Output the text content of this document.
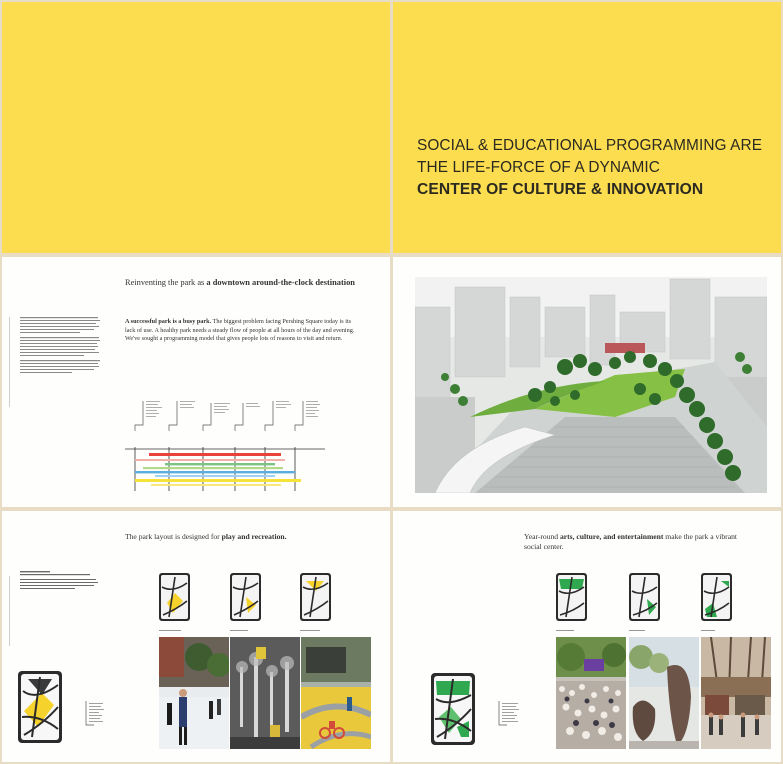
SOCIAL & EDUCATIONAL PROGRAMMING ARE
THE LIFE-FORCE OF A DYNAMIC
CENTER OF CULTURE & INNOVATION
Reinventing the park as a downtown around-the-clock destination
A successful park is a busy park. The biggest problem facing Pershing Square today is its lack of use. A healthy park needs a steady flow of people at all hours of the day and evening. We've sought a programming model that gives people lots of reasons to visit and return.
The park layout is designed for play and recreation.	Year-round arts, culture, and entertainment make the park a vibrant
social center.
